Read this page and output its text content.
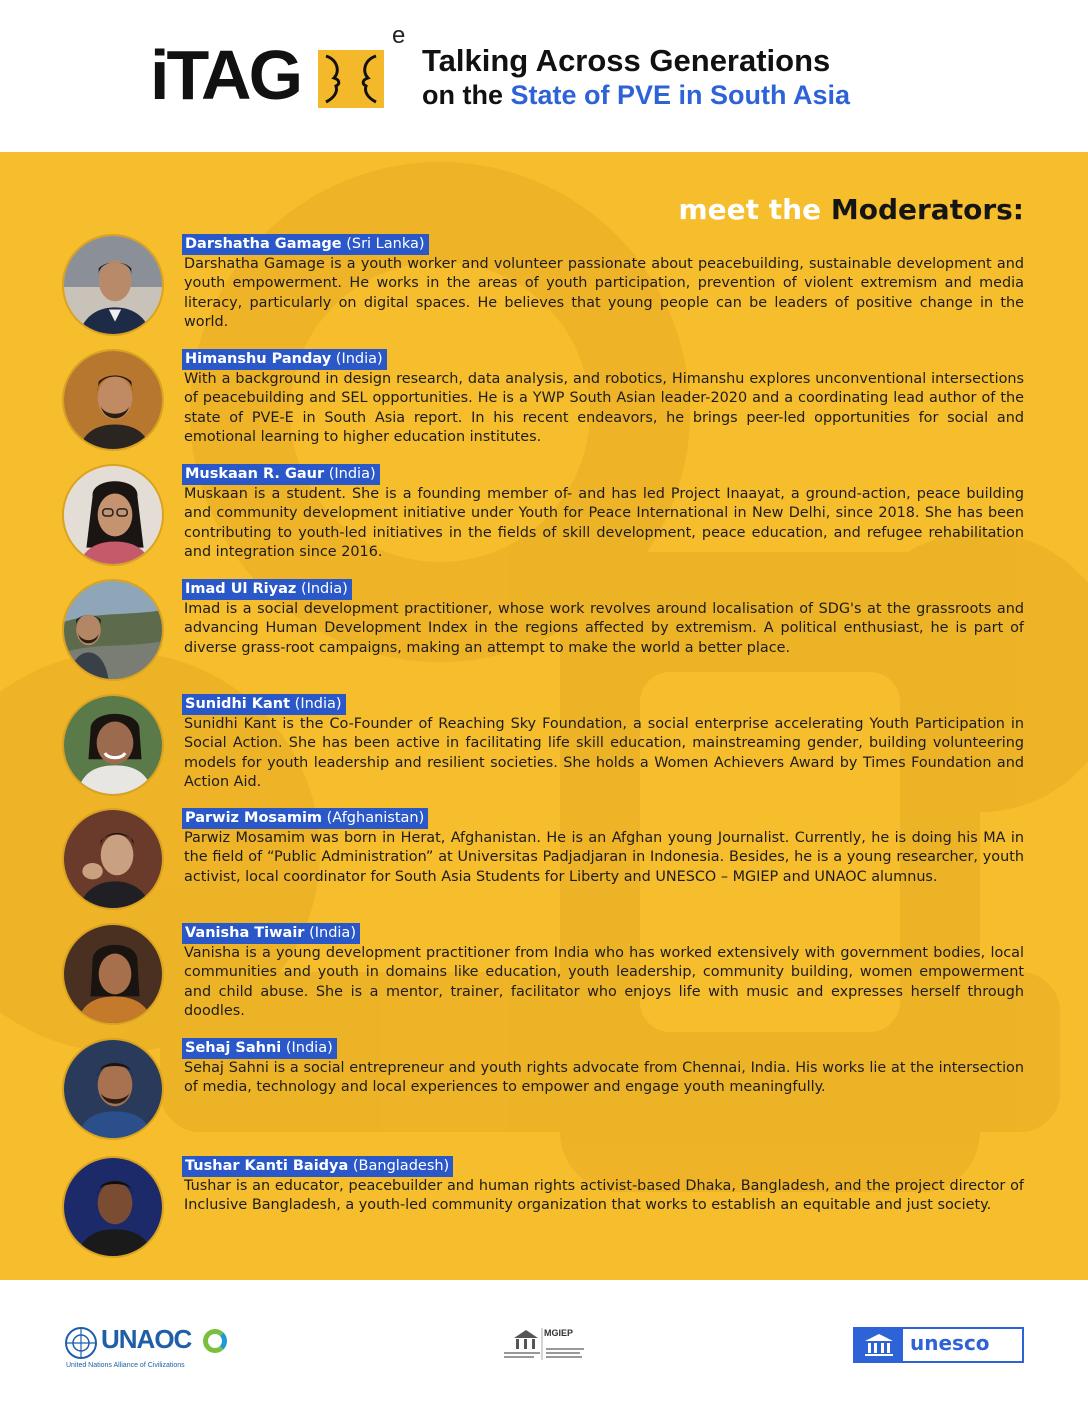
iTAG
e
Talking Across Generations
on the State of PVE in South Asia
meet the Moderators:
Darshatha Gamage (Sri Lanka)
Darshatha Gamage is a youth worker and volunteer passionate about peacebuilding, sustainable development and youth empowerment. He works in the areas of youth participation, prevention of violent extremism and media literacy, particularly on digital spaces. He believes that young people can be leaders of positive change in the world.
Himanshu Panday (India)
With a background in design research, data analysis, and robotics, Himanshu explores unconventional intersections of peacebuilding and SEL opportunities. He is a YWP South Asian leader-2020 and a coordinating lead author of the state of PVE-E in South Asia report. In his recent endeavors, he brings peer-led opportunities for social and emotional learning to higher education institutes.
Muskaan R. Gaur (India)
Muskaan is a student. She is a founding member of- and has led Project Inaayat, a ground-action, peace building and community development initiative under Youth for Peace International in New Delhi, since 2018. She has been contributing to youth-led initiatives in the fields of skill development, peace education, and refugee rehabilitation and integration since 2016.
Imad Ul Riyaz (India)
Imad is a social development practitioner, whose work revolves around localisation of SDG's at the grassroots and advancing Human Development Index in the regions affected by extremism. A political enthusiast, he is part of diverse grass-root campaigns, making an attempt to make the world a better place.
Sunidhi Kant (India)
Sunidhi Kant is the Co-Founder of Reaching Sky Foundation, a social enterprise accelerating Youth Participation in Social Action. She has been active in facilitating life skill education, mainstreaming gender, building volunteering models for youth leadership and resilient societies. She holds a Women Achievers Award by Times Foundation and Action Aid.
Parwiz Mosamim (Afghanistan)
Parwiz Mosamim was born in Herat, Afghanistan. He is an Afghan young Journalist. Currently, he is doing his MA in the field of “Public Administration” at Universitas Padjadjaran in Indonesia. Besides, he is a young researcher, youth activist, local coordinator for South Asia Students for Liberty and UNESCO – MGIEP and UNAOC alumnus.
Vanisha Tiwair (India)
Vanisha is a young development practitioner from India who has worked extensively with government bodies, local communities and youth in domains like education, youth leadership, community building, women empowerment and child abuse. She is a mentor, trainer, facilitator who enjoys life with music and expresses herself through doodles.
Sehaj Sahni (India)
Sehaj Sahni is a social entrepreneur and youth rights advocate from Chennai, India. His works lie at the intersection of media, technology and local experiences to empower and engage youth meaningfully.
Tushar Kanti Baidya (Bangladesh)
Tushar is an educator, peacebuilder and human rights activist-based Dhaka, Bangladesh, and the project director of Inclusive Bangladesh, a youth-led community organization that works to establish an equitable and just society.
UNAOC
United Nations Alliance of Civilizations
MGIEP	unesco
